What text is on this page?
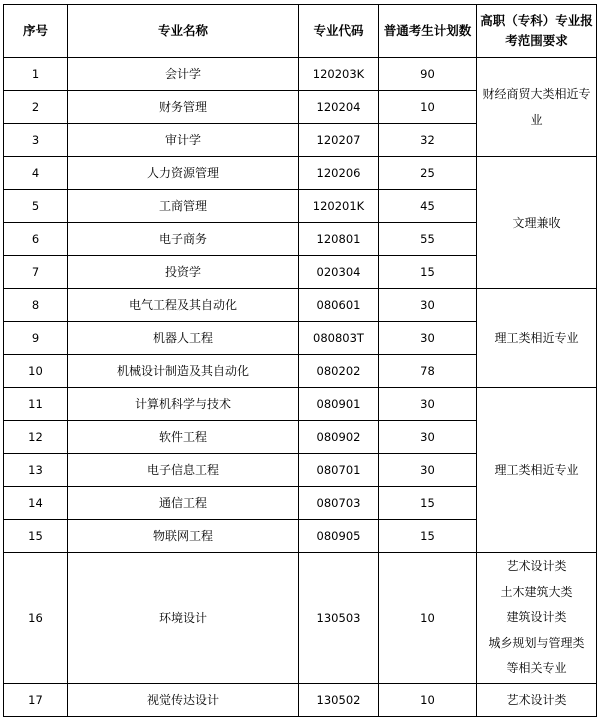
序号	专业名称	专业代码	普通考生计划数	高职（专科）专业报考范围要求
1	会计学	120203K	90	财经商贸大类相近专业
2	财务管理	120204	10	
3	审计学	120207	32	
4	人力资源管理	120206	25	文理兼收
5	工商管理	120201K	45	
6	电子商务	120801	55	
7	投资学	020304	15	
8	电气工程及其自动化	080601	30	理工类相近专业
9	机器人工程	080803T	30	
10	机械设计制造及其自动化	080202	78	
11	计算机科学与技术	080901	30	理工类相近专业
12	软件工程	080902	30	
13	电子信息工程	080701	30	
14	通信工程	080703	15	
15	物联网工程	080905	15	
16	环境设计	130503	10	艺术设计类
土木建筑大类
建筑设计类
城乡规划与管理类
等相关专业

17	视觉传达设计	130502	10	艺术设计类
